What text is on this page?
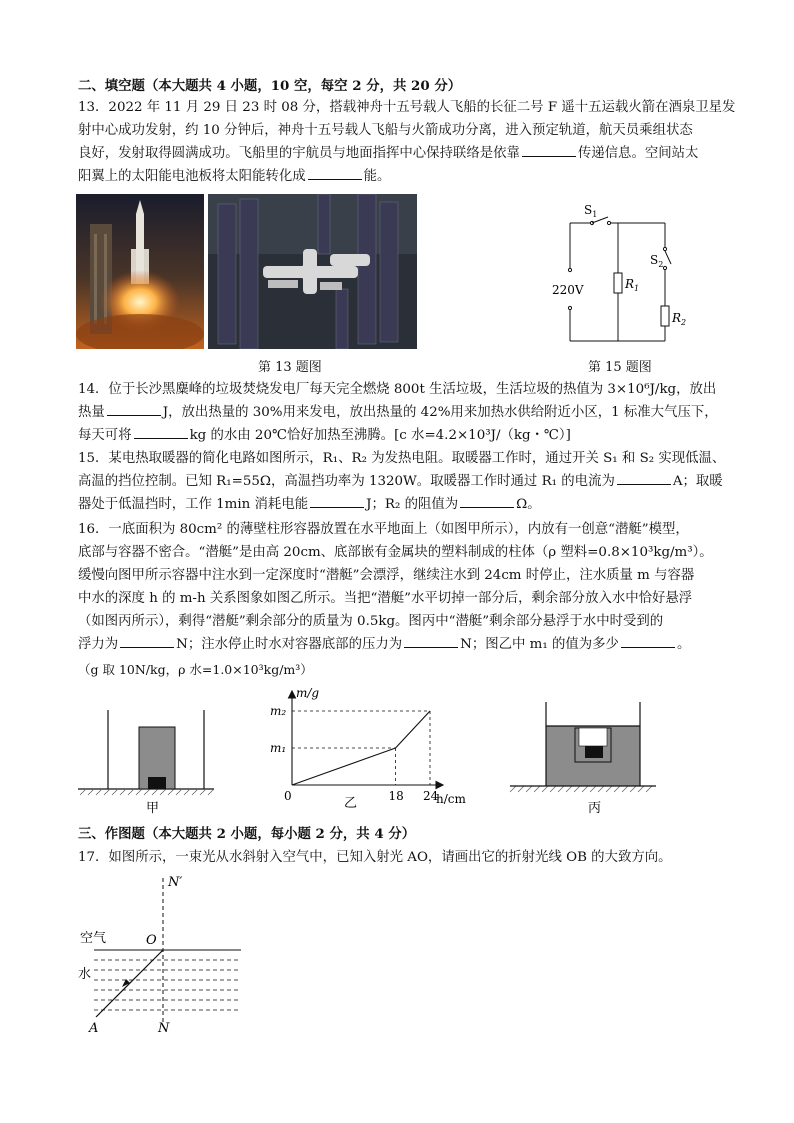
二、填空题（本大题共 4 小题，10 空，每空 2 分，共 20 分）
13．2022 年 11 月 29 日 23 时 08 分，搭载神舟十五号载人飞船的长征二号 F 遥十五运载火箭在酒泉卫星发
射中心成功发射，约 10 分钟后，神舟十五号载人飞船与火箭成功分离，进入预定轨道，航天员乘组状态
良好，发射取得圆满成功。飞船里的宇航员与地面指挥中心保持联络是依靠	传递信息。空间站太
阳翼上的太阳能电池板将太阳能转化成	能。
第 13 题图
$S_1$
$S_2$
220V	$R_1$
$R_2$
第 15 题图
14．位于长沙黑麋峰的垃圾焚烧发电厂每天完全燃烧 800t 生活垃圾，生活垃圾的热值为 3×10⁶J/kg，放出
热量	J，放出热量的 30%用来发电，放出热量的 42%用来加热水供给附近小区，1 标准大气压下，
每天可将	kg 的水由 20℃恰好加热至沸腾。[c 水=4.2×10³J/（kg・℃）]
15．某电热取暖器的简化电路如图所示，R₁、R₂ 为发热电阻。取暖器工作时，通过开关 S₁ 和 S₂ 实现低温、
高温的挡位控制。已知 R₁=55Ω，高温挡功率为 1320W。取暖器工作时通过 R₁ 的电流为	A；取暖
器处于低温挡时，工作 1min 消耗电能	J；R₂ 的阻值为	Ω。
16．一底面积为 80cm² 的薄壁柱形容器放置在水平地面上（如图甲所示），内放有一创意“潜艇”模型，
底部与容器不密合。“潜艇”是由高 20cm、底部嵌有金属块的塑料制成的柱体（ρ 塑料=0.8×10³kg/m³）。
缓慢向图甲所示容器中注水到一定深度时“潜艇”会漂浮，继续注水到 24cm 时停止，注水质量 m 与容器
中水的深度 h 的 m-h 关系图象如图乙所示。当把“潜艇”水平切掉一部分后，剩余部分放入水中恰好悬浮
（如图丙所示），剩得“潜艇”剩余部分的质量为 0.5kg。图丙中“潜艇”剩余部分悬浮于水中时受到的
浮力为	N；注水停止时水对容器底部的压力为	N；图乙中 m₁ 的值为多少	。
（g 取 10N/kg，ρ 水=1.0×10³kg/m³）
甲
m/g
h/cm
m₂
m₁
0	18 24
乙	丙
三、作图题（本大题共 2 小题，每小题 2 分，共 4 分）
17．如图所示，一束光从水斜射入空气中，已知入射光 AO，请画出它的折射光线 OB 的大致方向。
N′
O
空气
水
A	N
